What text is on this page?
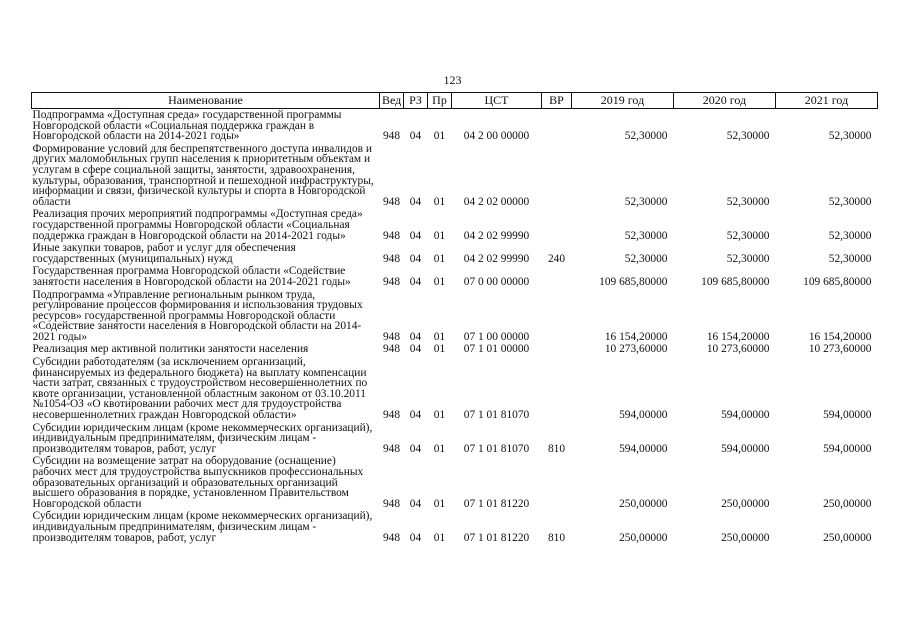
123
Наименование	Вед	РЗ	Пр	ЦСТ	ВР	2019 год	2020 год	2021 год
Подпрограмма «Доступная среда» государственной программы Новгородской области «Социальная поддержка граждан в Новгородской области на 2014-2021 годы»	948	04	01	04 2 00 00000		52,30000	52,30000	52,30000
Формирование условий для беспрепятственного доступа инвалидов и других маломобильных групп населения к приоритетным объектам и услугам в сфере социальной защиты, занятости, здравоохранения, культуры, образования, транспортной и пешеходной инфраструктуры, информации и связи, физической культуры и спорта в Новгородской области	948	04	01	04 2 02 00000		52,30000	52,30000	52,30000
Реализация прочих мероприятий подпрограммы «Доступная среда» государственной программы Новгородской области «Социальная поддержка граждан в Новгородской области на 2014-2021 годы»	948	04	01	04 2 02 99990		52,30000	52,30000	52,30000
Иные закупки товаров, работ и услуг для обеспечения государственных (муниципальных) нужд	948	04	01	04 2 02 99990	240	52,30000	52,30000	52,30000
Государственная программа Новгородской области «Содействие занятости населения в Новгородской области на 2014-2021 годы»	948	04	01	07 0 00 00000		109 685,80000	109 685,80000	109 685,80000
Подпрограмма «Управление региональным рынком труда, регулирование процессов формирования и использования трудовых ресурсов» государственной программы Новгородской области «Содействие занятости населения в Новгородской области на 2014-2021 годы»	948	04	01	07 1 00 00000		16 154,20000	16 154,20000	16 154,20000
Реализация мер активной политики занятости населения	948	04	01	07 1 01 00000		10 273,60000	10 273,60000	10 273,60000
Субсидии работодателям (за исключением организаций, финансируемых из федерального бюджета) на выплату компенсации части затрат, связанных с трудоустройством несовершеннолетних по квоте организации, установленной областным законом от 03.10.2011 №1054-ОЗ «О квотировании рабочих мест для трудоустройства несовершеннолетних граждан Новгородской области»	948	04	01	07 1 01 81070		594,00000	594,00000	594,00000
Субсидии юридическим лицам (кроме некоммерческих организаций), индивидуальным предпринимателям, физическим лицам - производителям товаров, работ, услуг	948	04	01	07 1 01 81070	810	594,00000	594,00000	594,00000
Субсидии на возмещение затрат на оборудование (оснащение) рабочих мест для трудоустройства выпускников профессиональных образовательных организаций и образовательных организаций высшего образования в порядке, установленном Правительством Новгородской области	948	04	01	07 1 01 81220		250,00000	250,00000	250,00000
Субсидии юридическим лицам (кроме некоммерческих организаций), индивидуальным предпринимателям, физическим лицам - производителям товаров, работ, услуг	948	04	01	07 1 01 81220	810	250,00000	250,00000	250,00000
